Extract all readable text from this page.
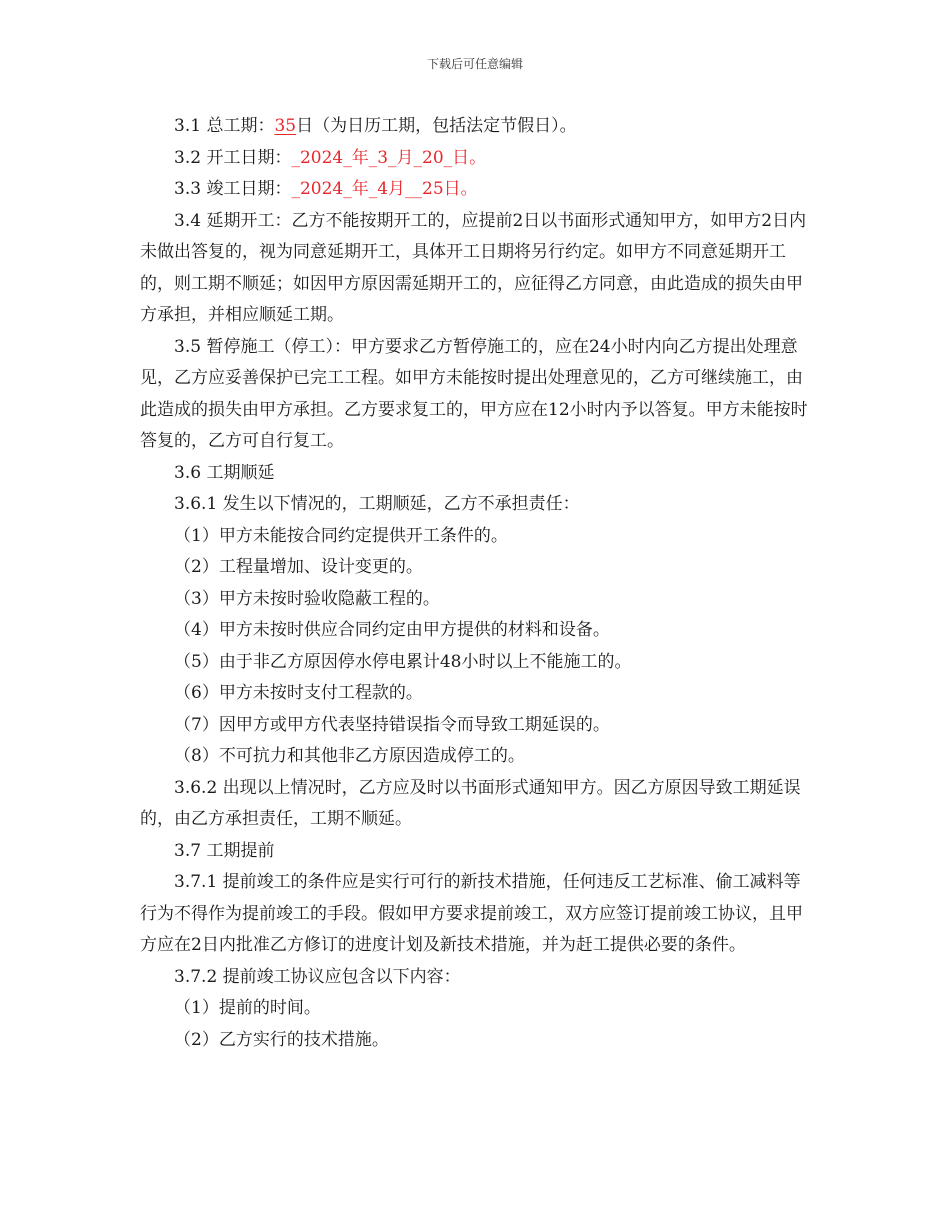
下载后可任意编辑

3.1 总工期：35日（为日历工期，包括法定节假日）。

3.2 开工日期：_2024_年_3_月_20_日。

3.3 竣工日期：_2024_年_4月__25日。

3.4 延期开工：乙方不能按期开工的，应提前2日以书面形式通知甲方，如甲方2日内未做出答复的，视为同意延期开工，具体开工日期将另行约定。如甲方不同意延期开工的，则工期不顺延；如因甲方原因需延期开工的，应征得乙方同意，由此造成的损失由甲方承担，并相应顺延工期。

3.5 暂停施工（停工）：甲方要求乙方暂停施工的，应在24小时内向乙方提出处理意见，乙方应妥善保护已完工工程。如甲方未能按时提出处理意见的，乙方可继续施工，由此造成的损失由甲方承担。乙方要求复工的，甲方应在12小时内予以答复。甲方未能按时答复的，乙方可自行复工。

3.6 工期顺延

3.6.1 发生以下情况的，工期顺延，乙方不承担责任：

（1）甲方未能按合同约定提供开工条件的。

（2）工程量增加、设计变更的。

（3）甲方未按时验收隐蔽工程的。

（4）甲方未按时供应合同约定由甲方提供的材料和设备。

（5）由于非乙方原因停水停电累计48小时以上不能施工的。

（6）甲方未按时支付工程款的。

（7）因甲方或甲方代表坚持错误指令而导致工期延误的。

（8）不可抗力和其他非乙方原因造成停工的。

3.6.2 出现以上情况时，乙方应及时以书面形式通知甲方。因乙方原因导致工期延误的，由乙方承担责任，工期不顺延。

3.7 工期提前

3.7.1 提前竣工的条件应是实行可行的新技术措施，任何违反工艺标准、偷工减料等行为不得作为提前竣工的手段。假如甲方要求提前竣工，双方应签订提前竣工协议，且甲方应在2日内批准乙方修订的进度计划及新技术措施，并为赶工提供必要的条件。

3.7.2 提前竣工协议应包含以下内容：

（1）提前的时间。

（2）乙方实行的技术措施。
